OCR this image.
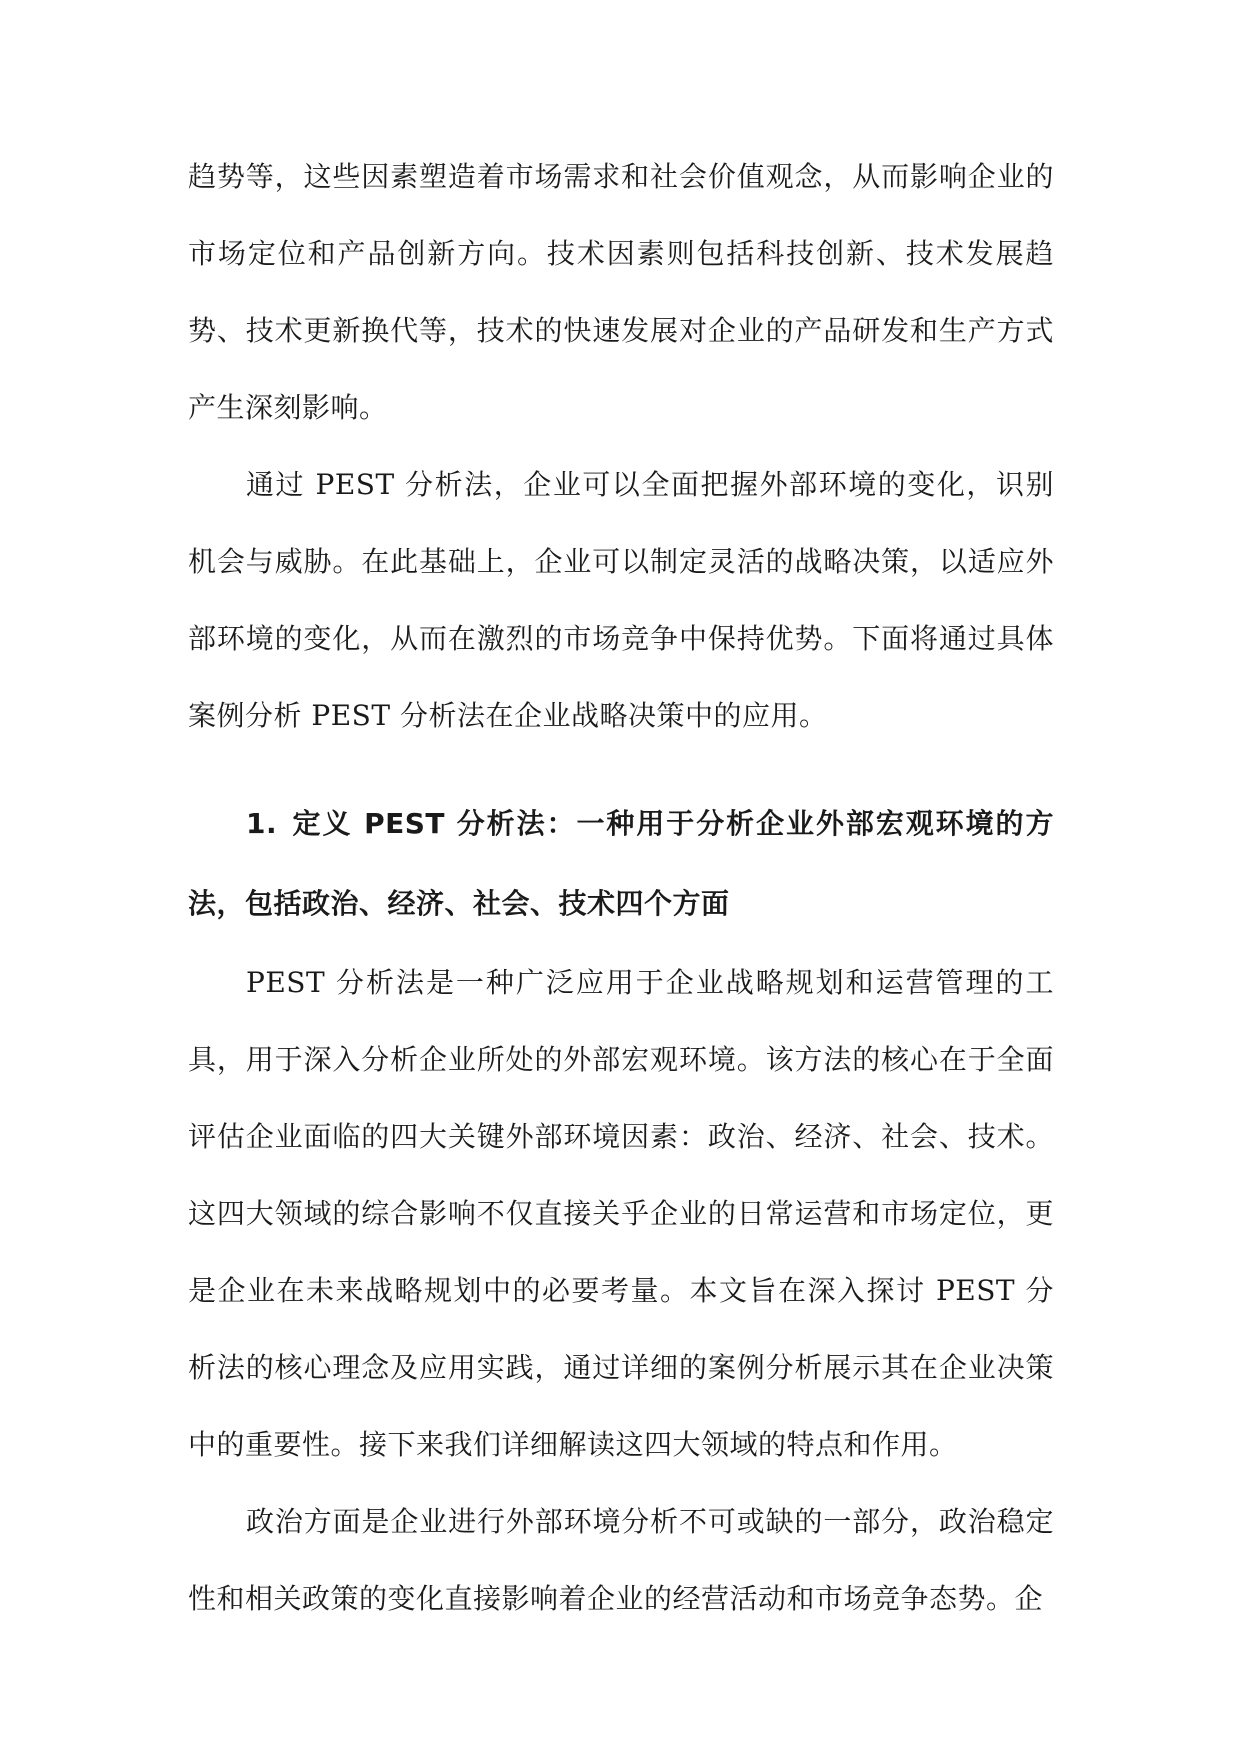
趋势等，这些因素塑造着市场需求和社会价值观念，从而影响企业的市场定位和产品创新方向。技术因素则包括科技创新、技术发展趋势、技术更新换代等，技术的快速发展对企业的产品研发和生产方式产生深刻影响。

通过 PEST 分析法，企业可以全面把握外部环境的变化，识别机会与威胁。在此基础上，企业可以制定灵活的战略决策，以适应外部环境的变化，从而在激烈的市场竞争中保持优势。下面将通过具体案例分析 PEST 分析法在企业战略决策中的应用。

1. 定义 PEST 分析法：一种用于分析企业外部宏观环境的方法，包括政治、经济、社会、技术四个方面

PEST 分析法是一种广泛应用于企业战略规划和运营管理的工具，用于深入分析企业所处的外部宏观环境。该方法的核心在于全面评估企业面临的四大关键外部环境因素：政治、经济、社会、技术。这四大领域的综合影响不仅直接关乎企业的日常运营和市场定位，更是企业在未来战略规划中的必要考量。本文旨在深入探讨 PEST 分析法的核心理念及应用实践，通过详细的案例分析展示其在企业决策中的重要性。接下来我们详细解读这四大领域的特点和作用。

政治方面是企业进行外部环境分析不可或缺的一部分，政治稳定性和相关政策的变化直接影响着企业的经营活动和市场竞争态势。企
